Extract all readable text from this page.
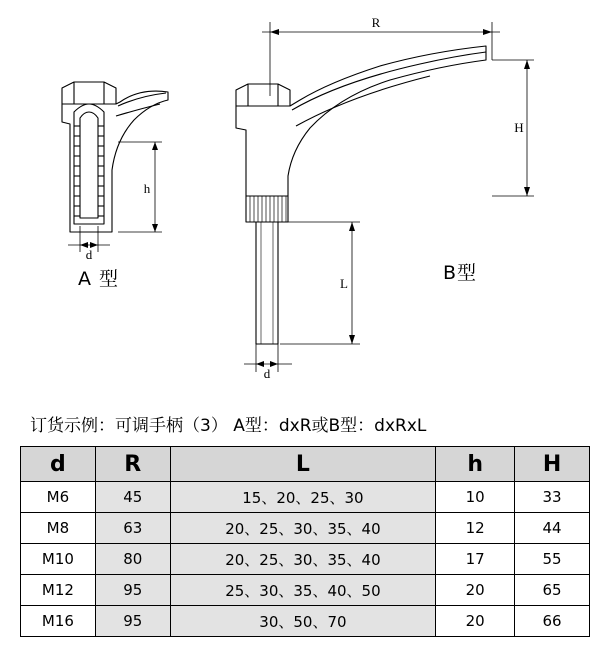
h
d
R
H
L
d
A 型	B型
订货示例：可调手柄（3） A型：dxR或B型：dxRxL
d	R	L	h	H
M6	45	15、20、25、30	10	33
M8	63	20、25、30、35、40	12	44
M10	80	20、25、30、35、40	17	55
M12	95	25、30、35、40、50	20	65
M16	95	30、50、70	20	66
